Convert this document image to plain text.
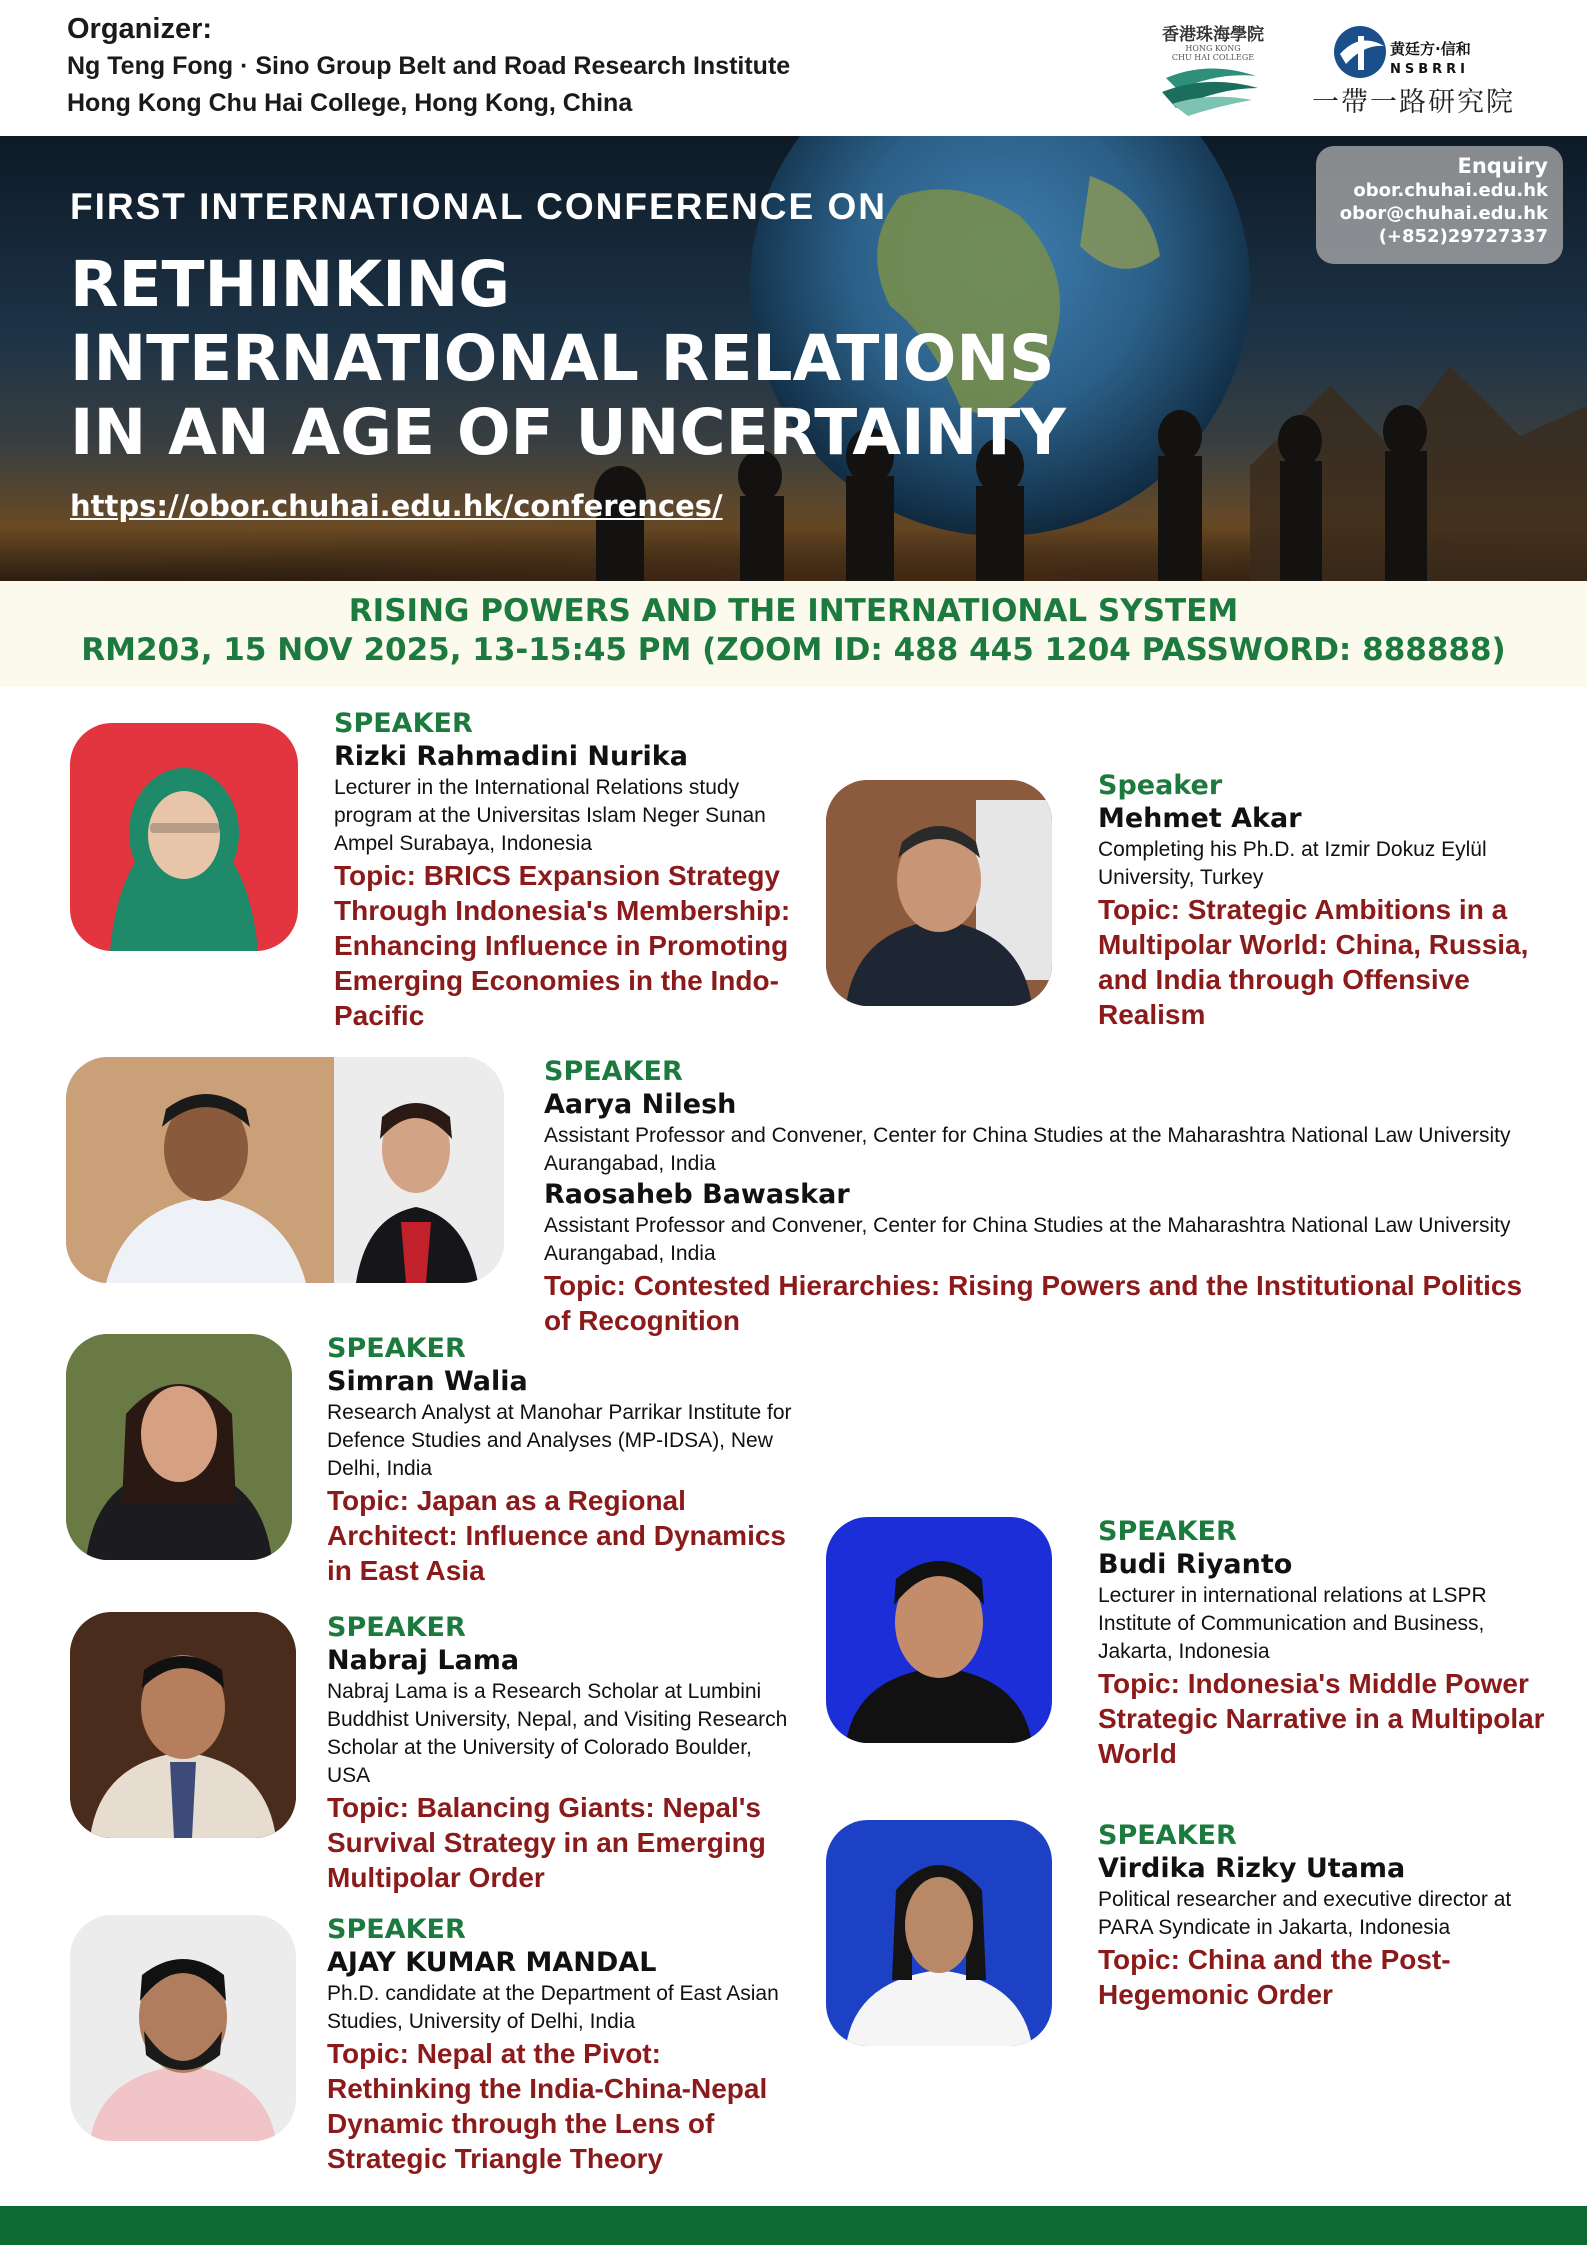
Organizer:
Ng Teng Fong · Sino Group Belt and Road Research Institute
Hong Kong Chu Hai College, Hong Kong, China
香港珠海學院
HONG KONG
CHU HAI COLLEGE	黄廷方·信和
NSBRRI
一帶一路研究院
FIRST INTERNATIONAL CONFERENCE ON
RETHINKING
INTERNATIONAL RELATIONS
IN AN AGE OF UNCERTAINTY
https://obor.chuhai.edu.hk/conferences/
Enquiry
obor.chuhai.edu.hk
obor@chuhai.edu.hk
(+852)29727337
RISING POWERS AND THE INTERNATIONAL SYSTEM
RM203, 15 NOV 2025, 13-15:45 PM (ZOOM ID: 488 445 1204 PASSWORD: 888888)
SPEAKER
Rizki Rahmadini Nurika
Lecturer in the International Relations study program at the Universitas Islam Neger Sunan Ampel Surabaya, Indonesia
Topic: BRICS Expansion Strategy Through Indonesia's Membership: Enhancing Influence in Promoting Emerging Economies in the Indo-Pacific
Speaker
Mehmet Akar
Completing his Ph.D. at Izmir Dokuz Eylül University, Turkey
Topic: Strategic Ambitions in a Multipolar World: China, Russia, and India through Offensive Realism
SPEAKER
Aarya Nilesh
Assistant Professor and Convener, Center for China Studies at the Maharashtra National Law University Aurangabad, India
Raosaheb Bawaskar
Assistant Professor and Convener, Center for China Studies at the Maharashtra National Law University Aurangabad, India
Topic: Contested Hierarchies: Rising Powers and the Institutional Politics of Recognition
SPEAKER
Simran Walia
Research Analyst at Manohar Parrikar Institute for Defence Studies and Analyses (MP-IDSA), New Delhi, India
Topic: Japan as a Regional Architect: Influence and Dynamics in East Asia
SPEAKER
Budi Riyanto
Lecturer in international relations at LSPR Institute of Communication and Business, Jakarta, Indonesia
Topic: Indonesia's Middle Power Strategic Narrative in a Multipolar World
SPEAKER
Nabraj Lama
Nabraj Lama is a Research Scholar at Lumbini Buddhist University, Nepal, and Visiting Research Scholar at the University of Colorado Boulder, USA
Topic: Balancing Giants: Nepal's Survival Strategy in an Emerging Multipolar Order
SPEAKER
Virdika Rizky Utama
Political researcher and executive director at PARA Syndicate in Jakarta, Indonesia
Topic: China and the Post-Hegemonic Order
SPEAKER
AJAY KUMAR MANDAL
Ph.D. candidate at the Department of East Asian Studies, University of Delhi, India
Topic: Nepal at the Pivot: Rethinking the India-China-Nepal Dynamic through the Lens of Strategic Triangle Theory
